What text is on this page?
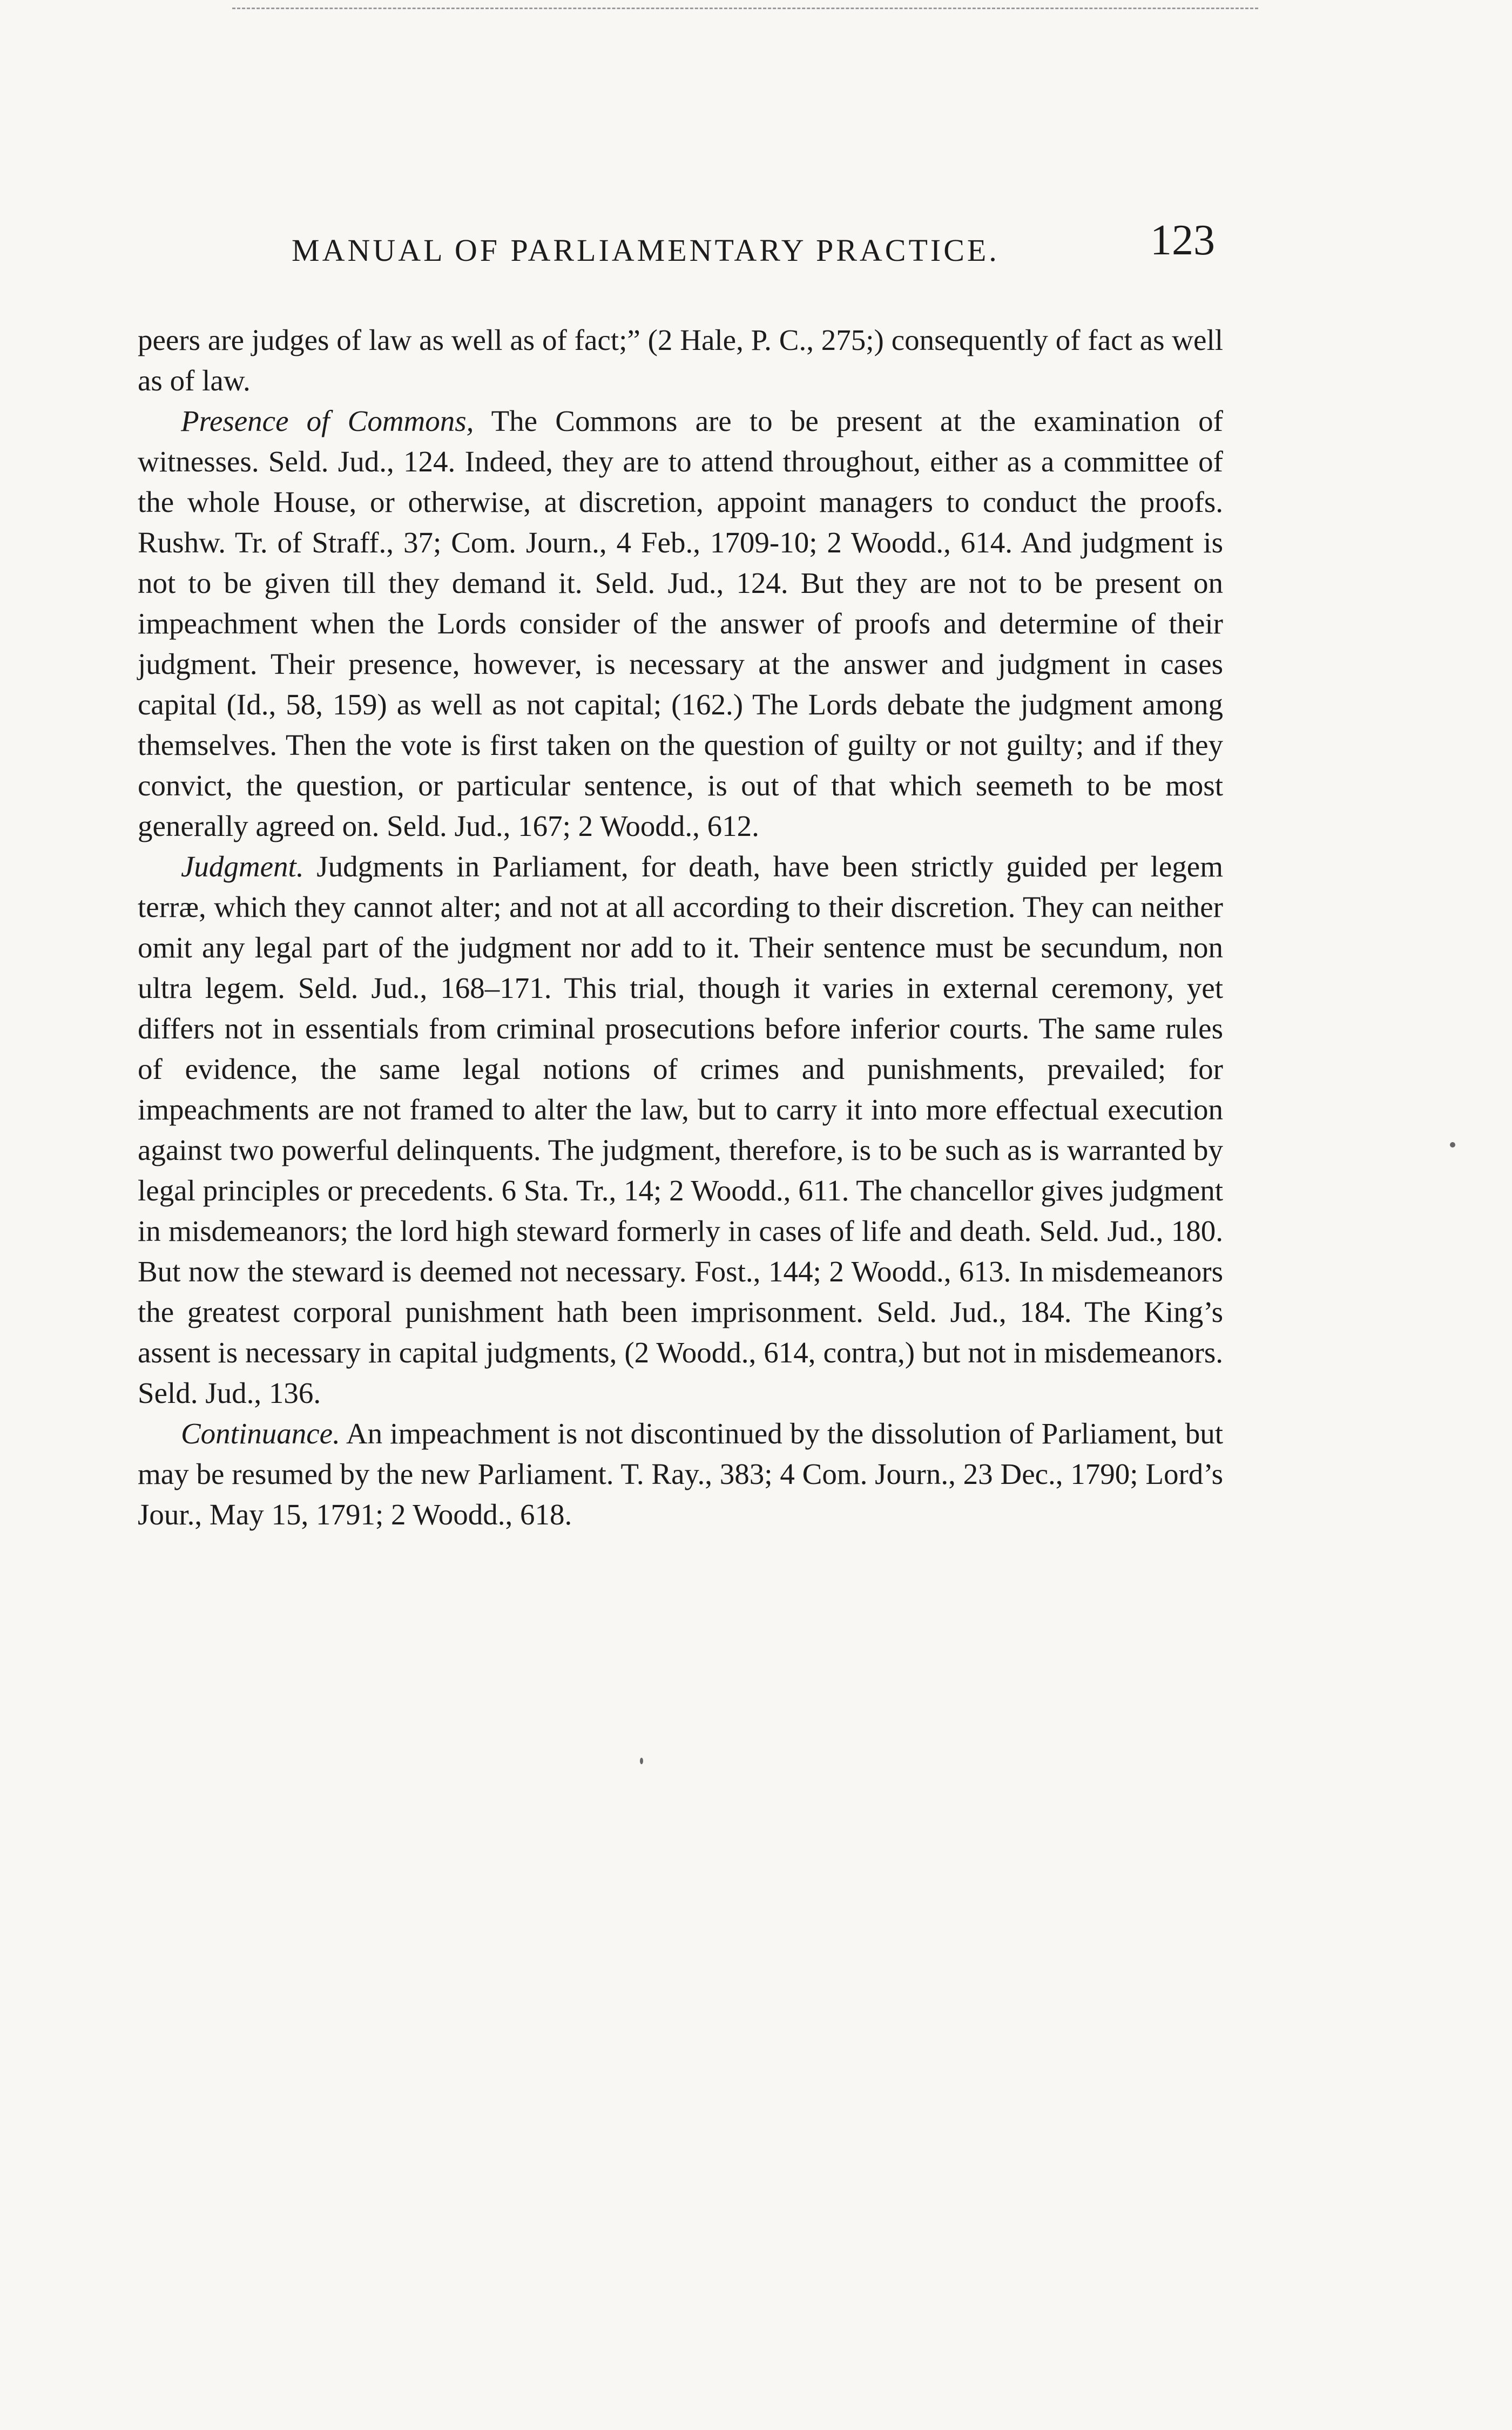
MANUAL OF PARLIAMENTARY PRACTICE.	123

peers are judges of law as well as of fact;” (2 Hale, P. C., 275;) consequently of fact as well as of law.

Presence of Commons, The Commons are to be present at the examination of witnesses. Seld. Jud., 124. Indeed, they are to attend throughout, either as a committee of the whole House, or otherwise, at discretion, appoint managers to conduct the proofs. Rushw. Tr. of Straff., 37; Com. Journ., 4 Feb., 1709-10; 2 Woodd., 614. And judgment is not to be given till they demand it. Seld. Jud., 124. But they are not to be present on impeachment when the Lords consider of the answer of proofs and determine of their judgment. Their presence, however, is necessary at the answer and judgment in cases capital (Id., 58, 159) as well as not capital; (162.) The Lords debate the judgment among themselves. Then the vote is first taken on the question of guilty or not guilty; and if they convict, the question, or particular sentence, is out of that which seemeth to be most generally agreed on. Seld. Jud., 167; 2 Woodd., 612.

Judgment. Judgments in Parliament, for death, have been strictly guided per legem terræ, which they cannot alter; and not at all according to their discretion. They can neither omit any legal part of the judgment nor add to it. Their sentence must be secundum, non ultra legem. Seld. Jud., 168–171. This trial, though it varies in external ceremony, yet differs not in essentials from criminal prosecutions before inferior courts. The same rules of evidence, the same legal notions of crimes and punishments, prevailed; for impeachments are not framed to alter the law, but to carry it into more effectual execution against two powerful delinquents. The judgment, therefore, is to be such as is warranted by legal principles or precedents. 6 Sta. Tr., 14; 2 Woodd., 611. The chancellor gives judgment in misdemeanors; the lord high steward formerly in cases of life and death. Seld. Jud., 180. But now the steward is deemed not necessary. Fost., 144; 2 Woodd., 613. In misdemeanors the greatest corporal punishment hath been imprisonment. Seld. Jud., 184. The King’s assent is necessary in capital judgments, (2 Woodd., 614, contra,) but not in misdemeanors. Seld. Jud., 136.

Continuance. An impeachment is not discontinued by the dissolution of Parliament, but may be resumed by the new Parliament. T. Ray., 383; 4 Com. Journ., 23 Dec., 1790; Lord’s Jour., May 15, 1791; 2 Woodd., 618.
